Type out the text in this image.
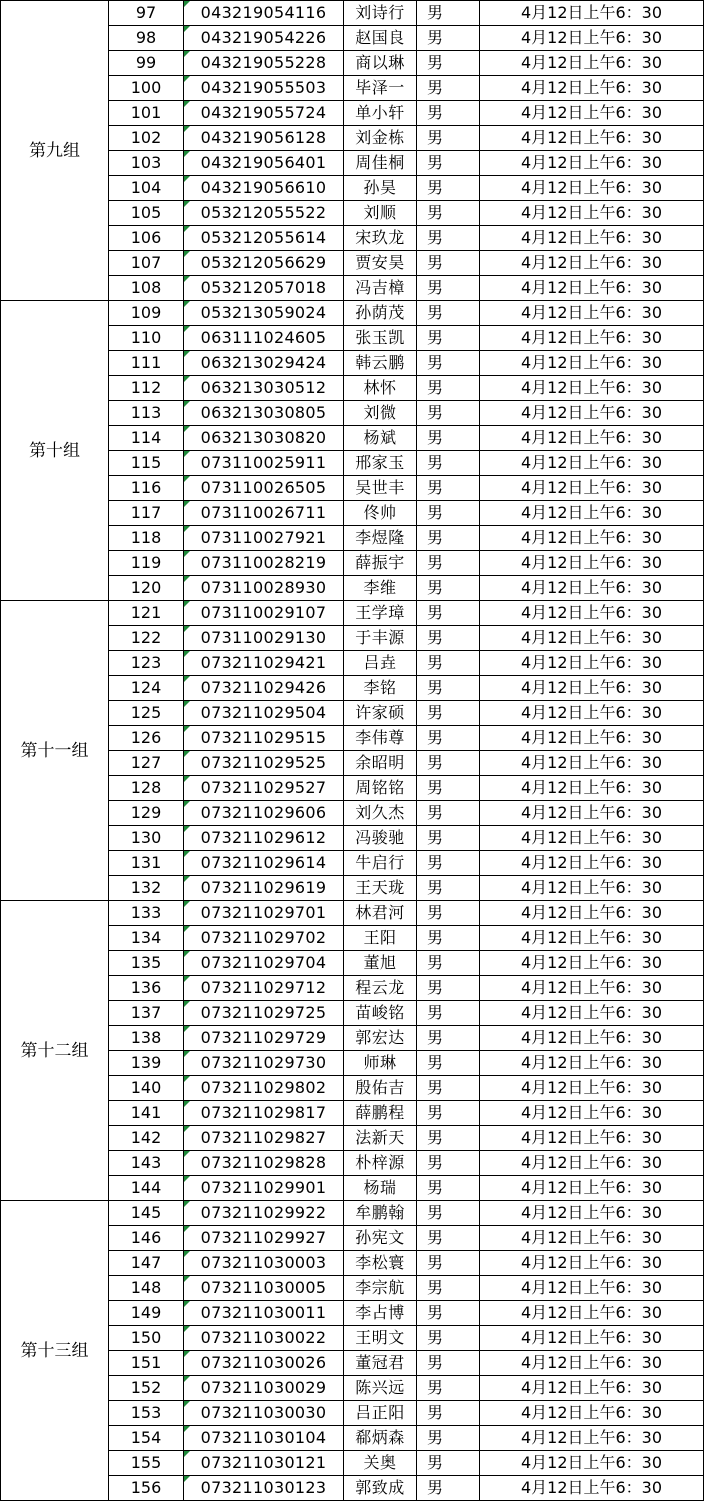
第九组	97	043219054116	刘诗行	男	4月12日上午6：30
	98	043219054226	赵国良	男	4月12日上午6：30
	99	043219055228	商以琳	男	4月12日上午6：30
	100	043219055503	毕泽一	男	4月12日上午6：30
	101	043219055724	单小轩	男	4月12日上午6：30
	102	043219056128	刘金栋	男	4月12日上午6：30
	103	043219056401	周佳桐	男	4月12日上午6：30
	104	043219056610	孙昊	男	4月12日上午6：30
	105	053212055522	刘顺	男	4月12日上午6：30
	106	053212055614	宋玖龙	男	4月12日上午6：30
	107	053212056629	贾安昊	男	4月12日上午6：30
	108	053212057018	冯吉樟	男	4月12日上午6：30
第十组	109	053213059024	孙荫茂	男	4月12日上午6：30
	110	063111024605	张玉凯	男	4月12日上午6：30
	111	063213029424	韩云鹏	男	4月12日上午6：30
	112	063213030512	林怀	男	4月12日上午6：30
	113	063213030805	刘微	男	4月12日上午6：30
	114	063213030820	杨斌	男	4月12日上午6：30
	115	073110025911	邢家玉	男	4月12日上午6：30
	116	073110026505	吴世丰	男	4月12日上午6：30
	117	073110026711	佟帅	男	4月12日上午6：30
	118	073110027921	李煜隆	男	4月12日上午6：30
	119	073110028219	薛振宇	男	4月12日上午6：30
	120	073110028930	李维	男	4月12日上午6：30
第十一组	121	073110029107	王学璋	男	4月12日上午6：30
	122	073110029130	于丰源	男	4月12日上午6：30
	123	073211029421	吕垚	男	4月12日上午6：30
	124	073211029426	李铭	男	4月12日上午6：30
	125	073211029504	许家硕	男	4月12日上午6：30
	126	073211029515	李伟尊	男	4月12日上午6：30
	127	073211029525	余昭明	男	4月12日上午6：30
	128	073211029527	周铭铭	男	4月12日上午6：30
	129	073211029606	刘久杰	男	4月12日上午6：30
	130	073211029612	冯骏驰	男	4月12日上午6：30
	131	073211029614	牛启行	男	4月12日上午6：30
	132	073211029619	王天珑	男	4月12日上午6：30
第十二组	133	073211029701	林君河	男	4月12日上午6：30
	134	073211029702	王阳	男	4月12日上午6：30
	135	073211029704	董旭	男	4月12日上午6：30
	136	073211029712	程云龙	男	4月12日上午6：30
	137	073211029725	苗峻铭	男	4月12日上午6：30
	138	073211029729	郭宏达	男	4月12日上午6：30
	139	073211029730	师琳	男	4月12日上午6：30
	140	073211029802	殷佑吉	男	4月12日上午6：30
	141	073211029817	薛鹏程	男	4月12日上午6：30
	142	073211029827	法新天	男	4月12日上午6：30
	143	073211029828	朴梓源	男	4月12日上午6：30
	144	073211029901	杨瑞	男	4月12日上午6：30
第十三组	145	073211029922	牟鹏翰	男	4月12日上午6：30
	146	073211029927	孙宪文	男	4月12日上午6：30
	147	073211030003	李松寰	男	4月12日上午6：30
	148	073211030005	李宗航	男	4月12日上午6：30
	149	073211030011	李占博	男	4月12日上午6：30
	150	073211030022	王明文	男	4月12日上午6：30
	151	073211030026	董冠君	男	4月12日上午6：30
	152	073211030029	陈兴远	男	4月12日上午6：30
	153	073211030030	吕正阳	男	4月12日上午6：30
	154	073211030104	郗炳森	男	4月12日上午6：30
	155	073211030121	关奥	男	4月12日上午6：30
	156	073211030123	郭致成	男	4月12日上午6：30
